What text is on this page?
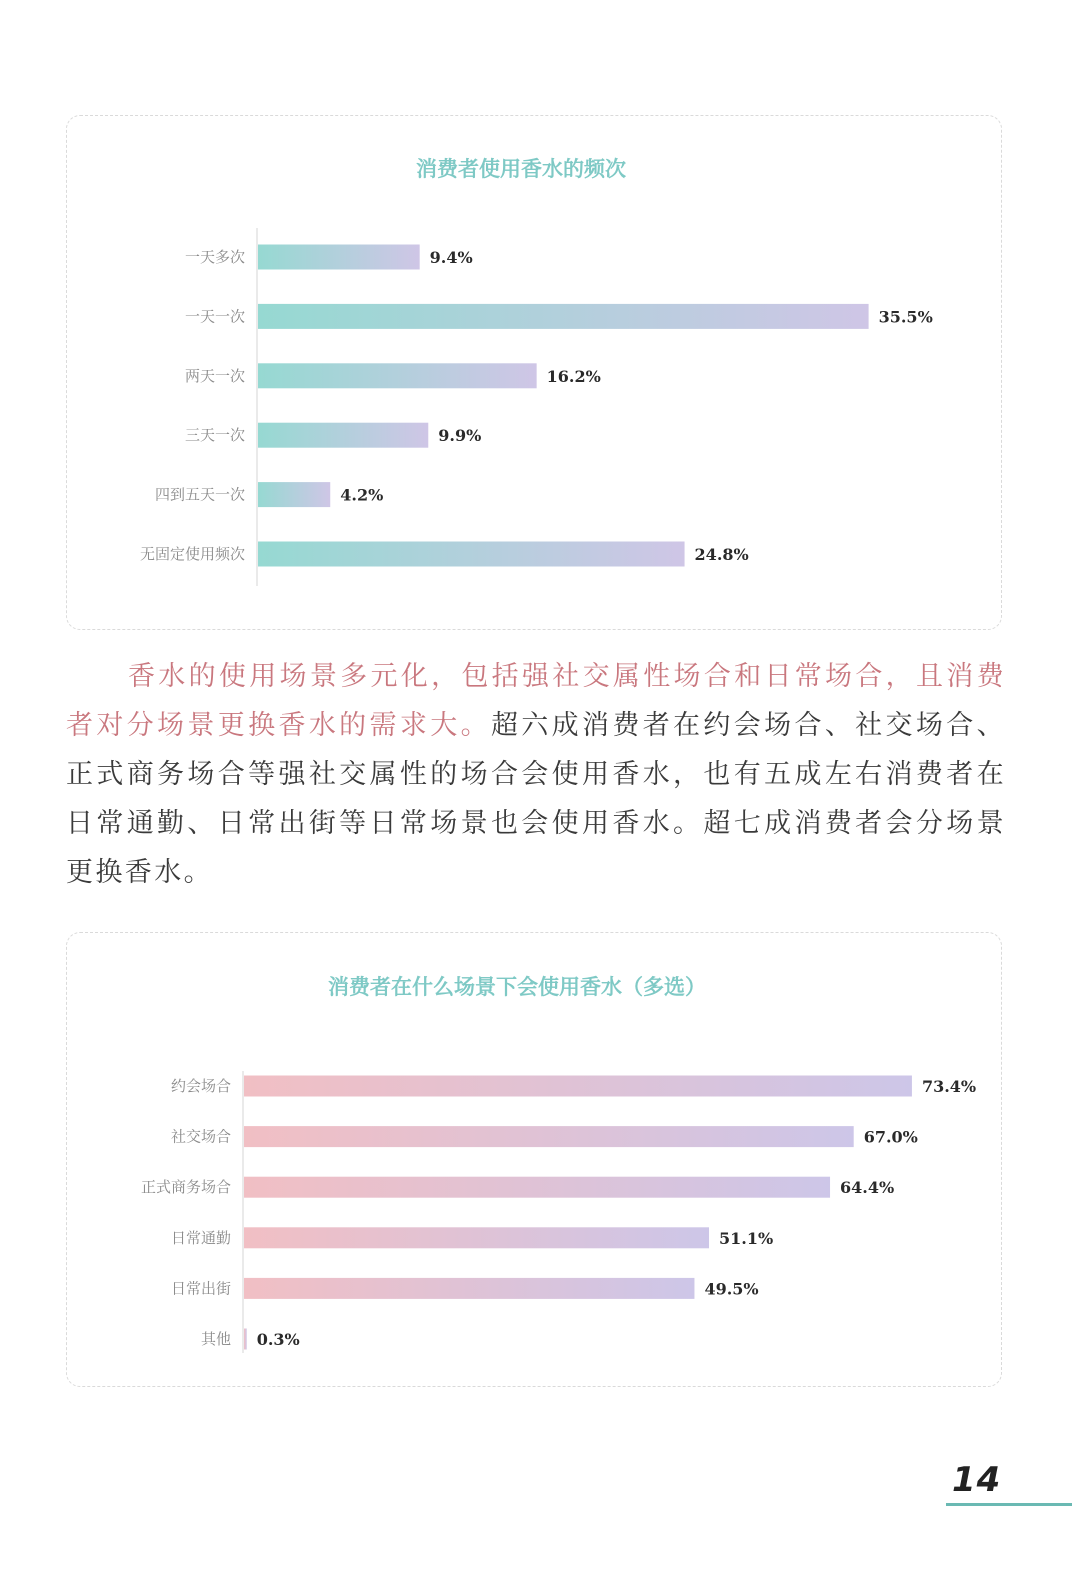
消费者使用香水的频次
一天多次	9.4%
一天一次	35.5%
两天一次	16.2%
三天一次	9.9%
四到五天一次	4.2%
无固定使用频次	24.8%

香水的使用场景多元化，包括强社交属性场合和日常场合，且消费者对分场景更换香水的需求大。超六成消费者在约会场合、社交场合、正式商务场合等强社交属性的场合会使用香水，也有五成左右消费者在日常通勤、日常出街等日常场景也会使用香水。超七成消费者会分场景更换香水。

消费者在什么场景下会使用香水（多选）
约会场合	73.4%
社交场合	67.0%
正式商务场合	64.4%
日常通勤	51.1%
日常出街	49.5%
其他 0.3%
14
